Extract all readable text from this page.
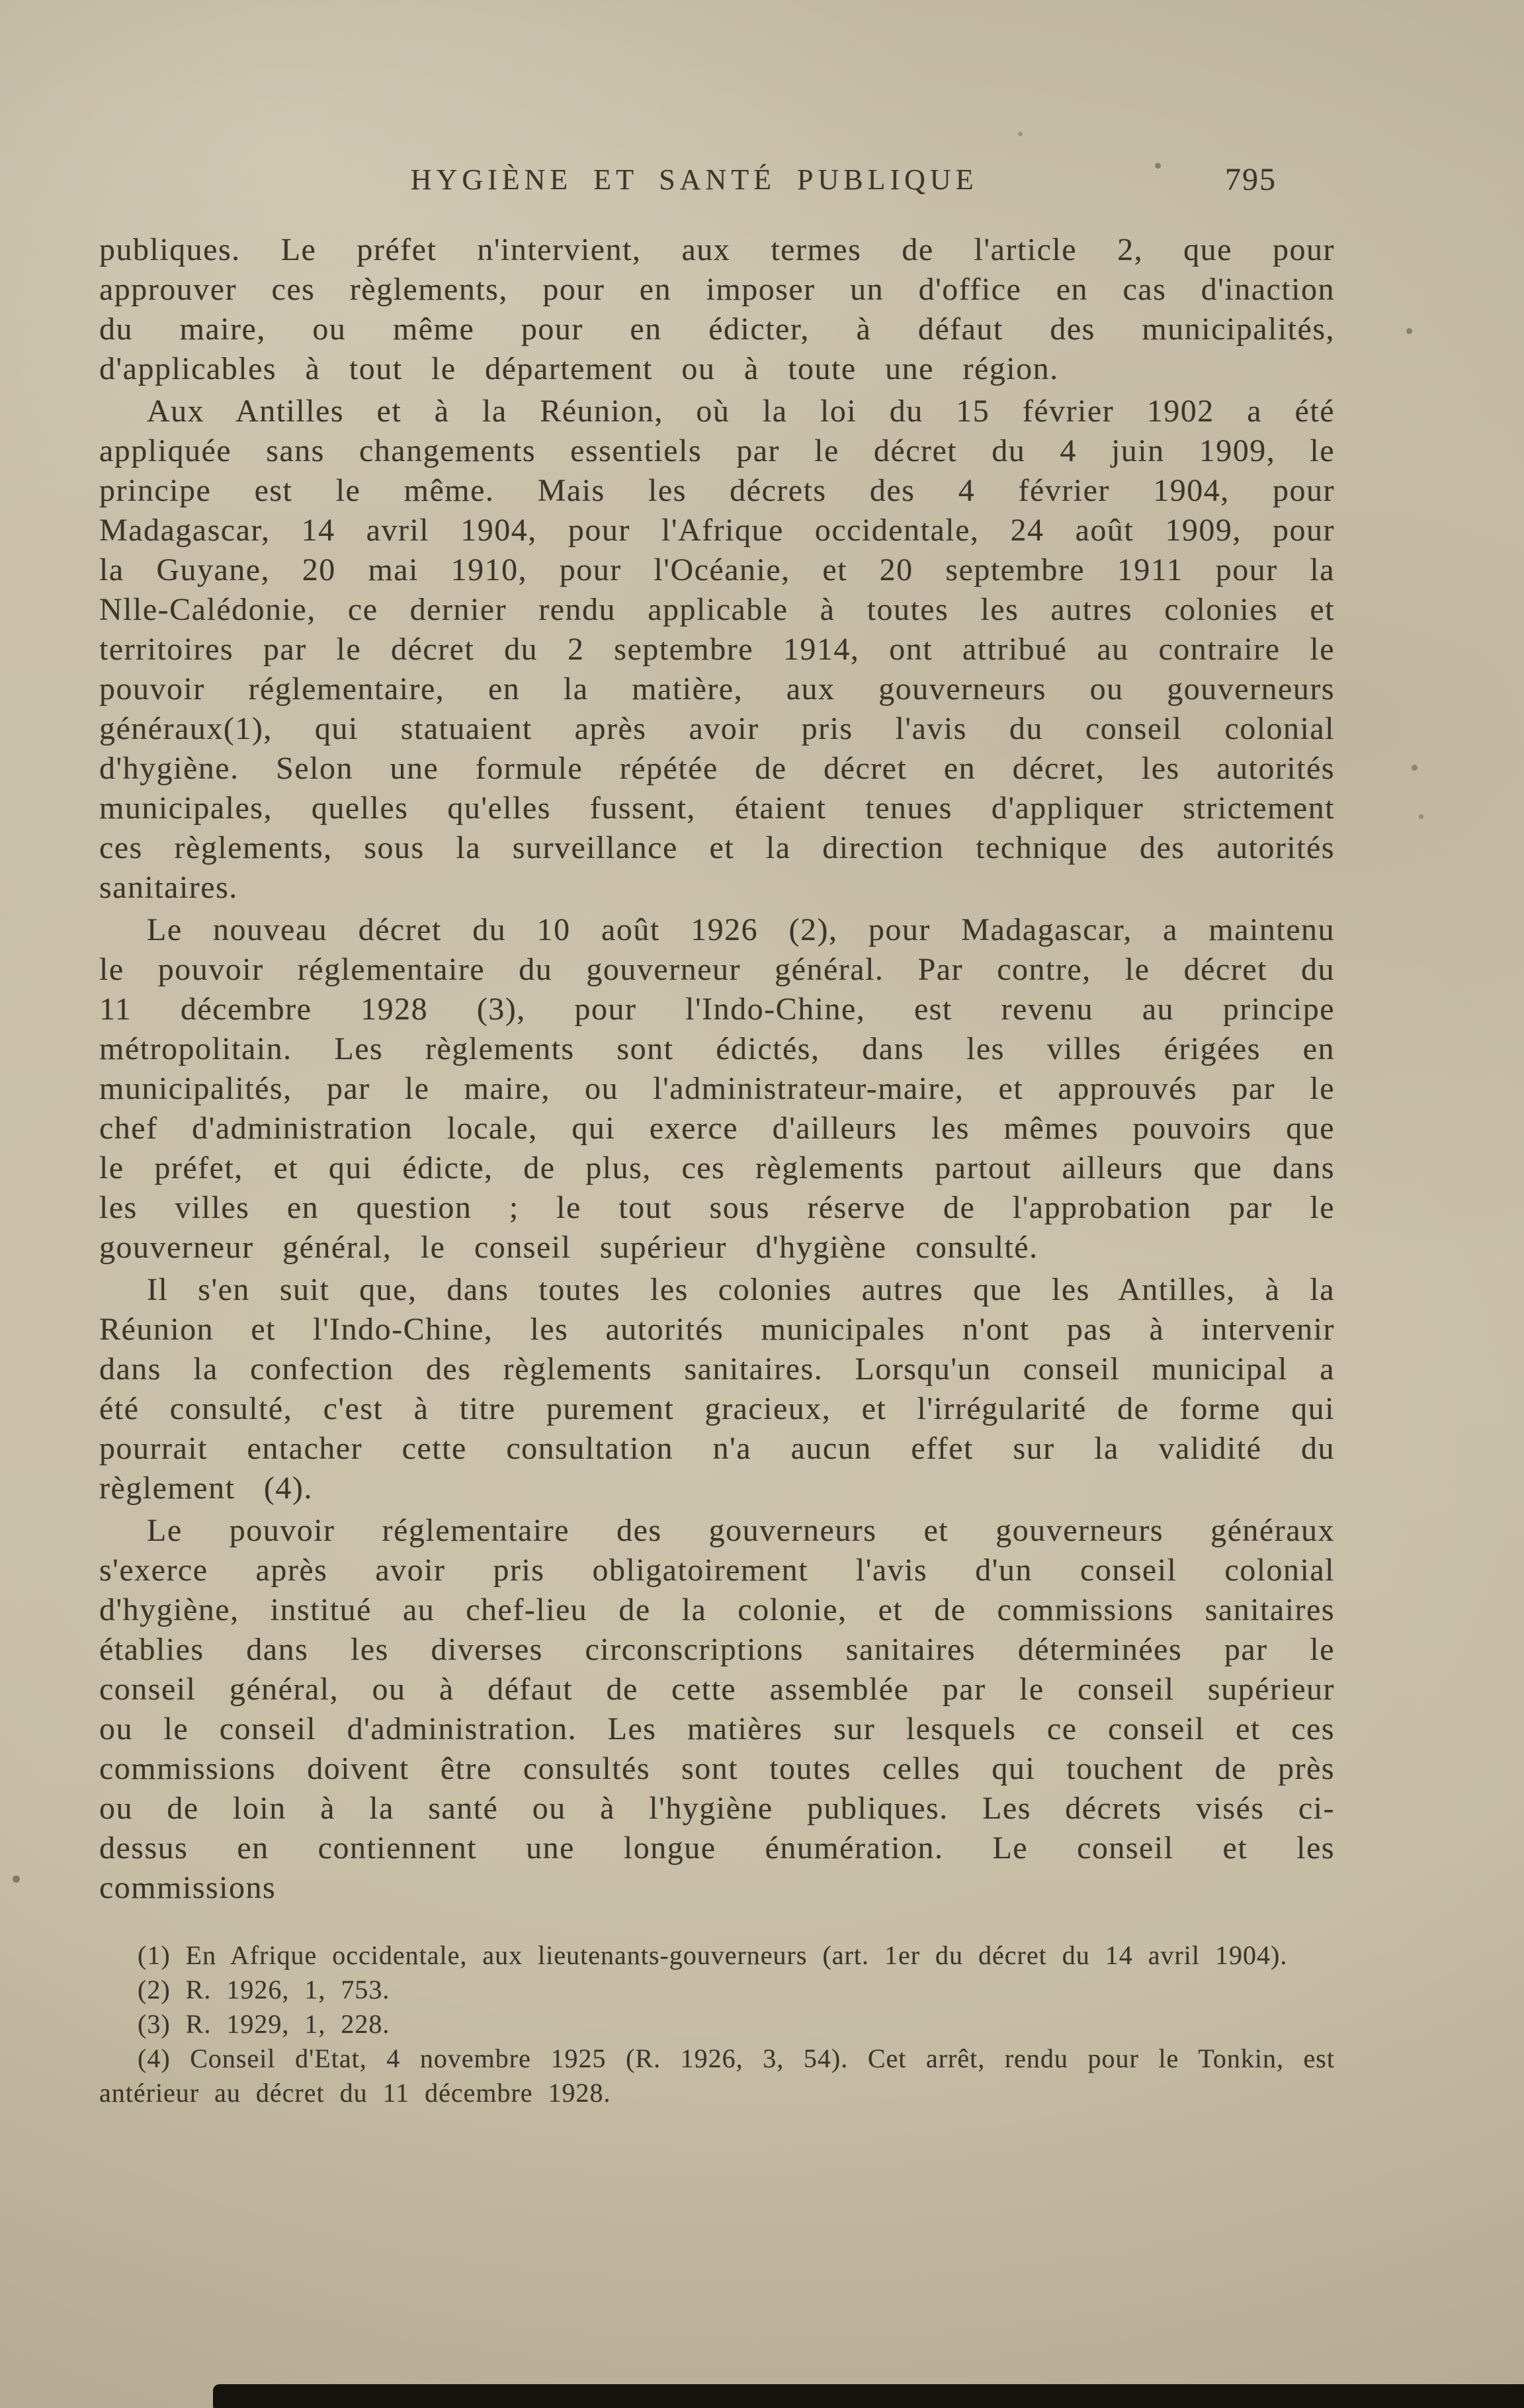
HYGIÈNE ET SANTÉ PUBLIQUE	795

publiques. Le préfet n'intervient, aux termes de l'article 2, que pour approuver ces règlements, pour en imposer un d'office en cas d'inaction du maire, ou même pour en édicter, à défaut des municipalités, d'applicables à tout le département ou à toute une région.

Aux Antilles et à la Réunion, où la loi du 15 février 1902 a été appliquée sans changements essentiels par le décret du 4 juin 1909, le principe est le même. Mais les décrets des 4 février 1904, pour Madagascar, 14 avril 1904, pour l'Afrique occidentale, 24 août 1909, pour la Guyane, 20 mai 1910, pour l'Océanie, et 20 septembre 1911 pour la Nlle-Calédonie, ce dernier rendu applicable à toutes les autres colonies et territoires par le décret du 2 septembre 1914, ont attribué au contraire le pouvoir réglementaire, en la matière, aux gouverneurs ou gouverneurs généraux(1), qui statuaient après avoir pris l'avis du conseil colonial d'hygiène. Selon une formule répétée de décret en décret, les autorités municipales, quelles qu'elles fussent, étaient tenues d'appliquer strictement ces règlements, sous la surveillance et la direction technique des autorités sanitaires.

Le nouveau décret du 10 août 1926 (2), pour Madagascar, a maintenu le pouvoir réglementaire du gouverneur général. Par contre, le décret du 11 décembre 1928 (3), pour l'Indo-Chine, est revenu au principe métropolitain. Les règlements sont édictés, dans les villes érigées en municipalités, par le maire, ou l'administrateur-maire, et approuvés par le chef d'administration locale, qui exerce d'ailleurs les mêmes pouvoirs que le préfet, et qui édicte, de plus, ces règlements partout ailleurs que dans les villes en question ; le tout sous réserve de l'approbation par le gouverneur général, le conseil supérieur d'hygiène consulté.

Il s'en suit que, dans toutes les colonies autres que les Antilles, à la Réunion et l'Indo-Chine, les autorités municipales n'ont pas à intervenir dans la confection des règlements sanitaires. Lorsqu'un conseil municipal a été consulté, c'est à titre purement gracieux, et l'irrégularité de forme qui pourrait entacher cette consultation n'a aucun effet sur la validité du règlement (4).

Le pouvoir réglementaire des gouverneurs et gouverneurs généraux s'exerce après avoir pris obligatoirement l'avis d'un conseil colonial d'hygiène, institué au chef-lieu de la colonie, et de commissions sanitaires établies dans les diverses circonscriptions sanitaires déterminées par le conseil général, ou à défaut de cette assemblée par le conseil supérieur ou le conseil d'administration. Les matières sur lesquels ce conseil et ces commissions doivent être consultés sont toutes celles qui touchent de près ou de loin à la santé ou à l'hygiène publiques. Les décrets visés ci-dessus en contiennent une longue énumération. Le conseil et les commissions

(1) En Afrique occidentale, aux lieutenants-gouverneurs (art. 1er du décret du 14 avril 1904).

(2) R. 1926, 1, 753.

(3) R. 1929, 1, 228.

(4) Conseil d'Etat, 4 novembre 1925 (R. 1926, 3, 54). Cet arrêt, rendu pour le Tonkin, est antérieur au décret du 11 décembre 1928.
